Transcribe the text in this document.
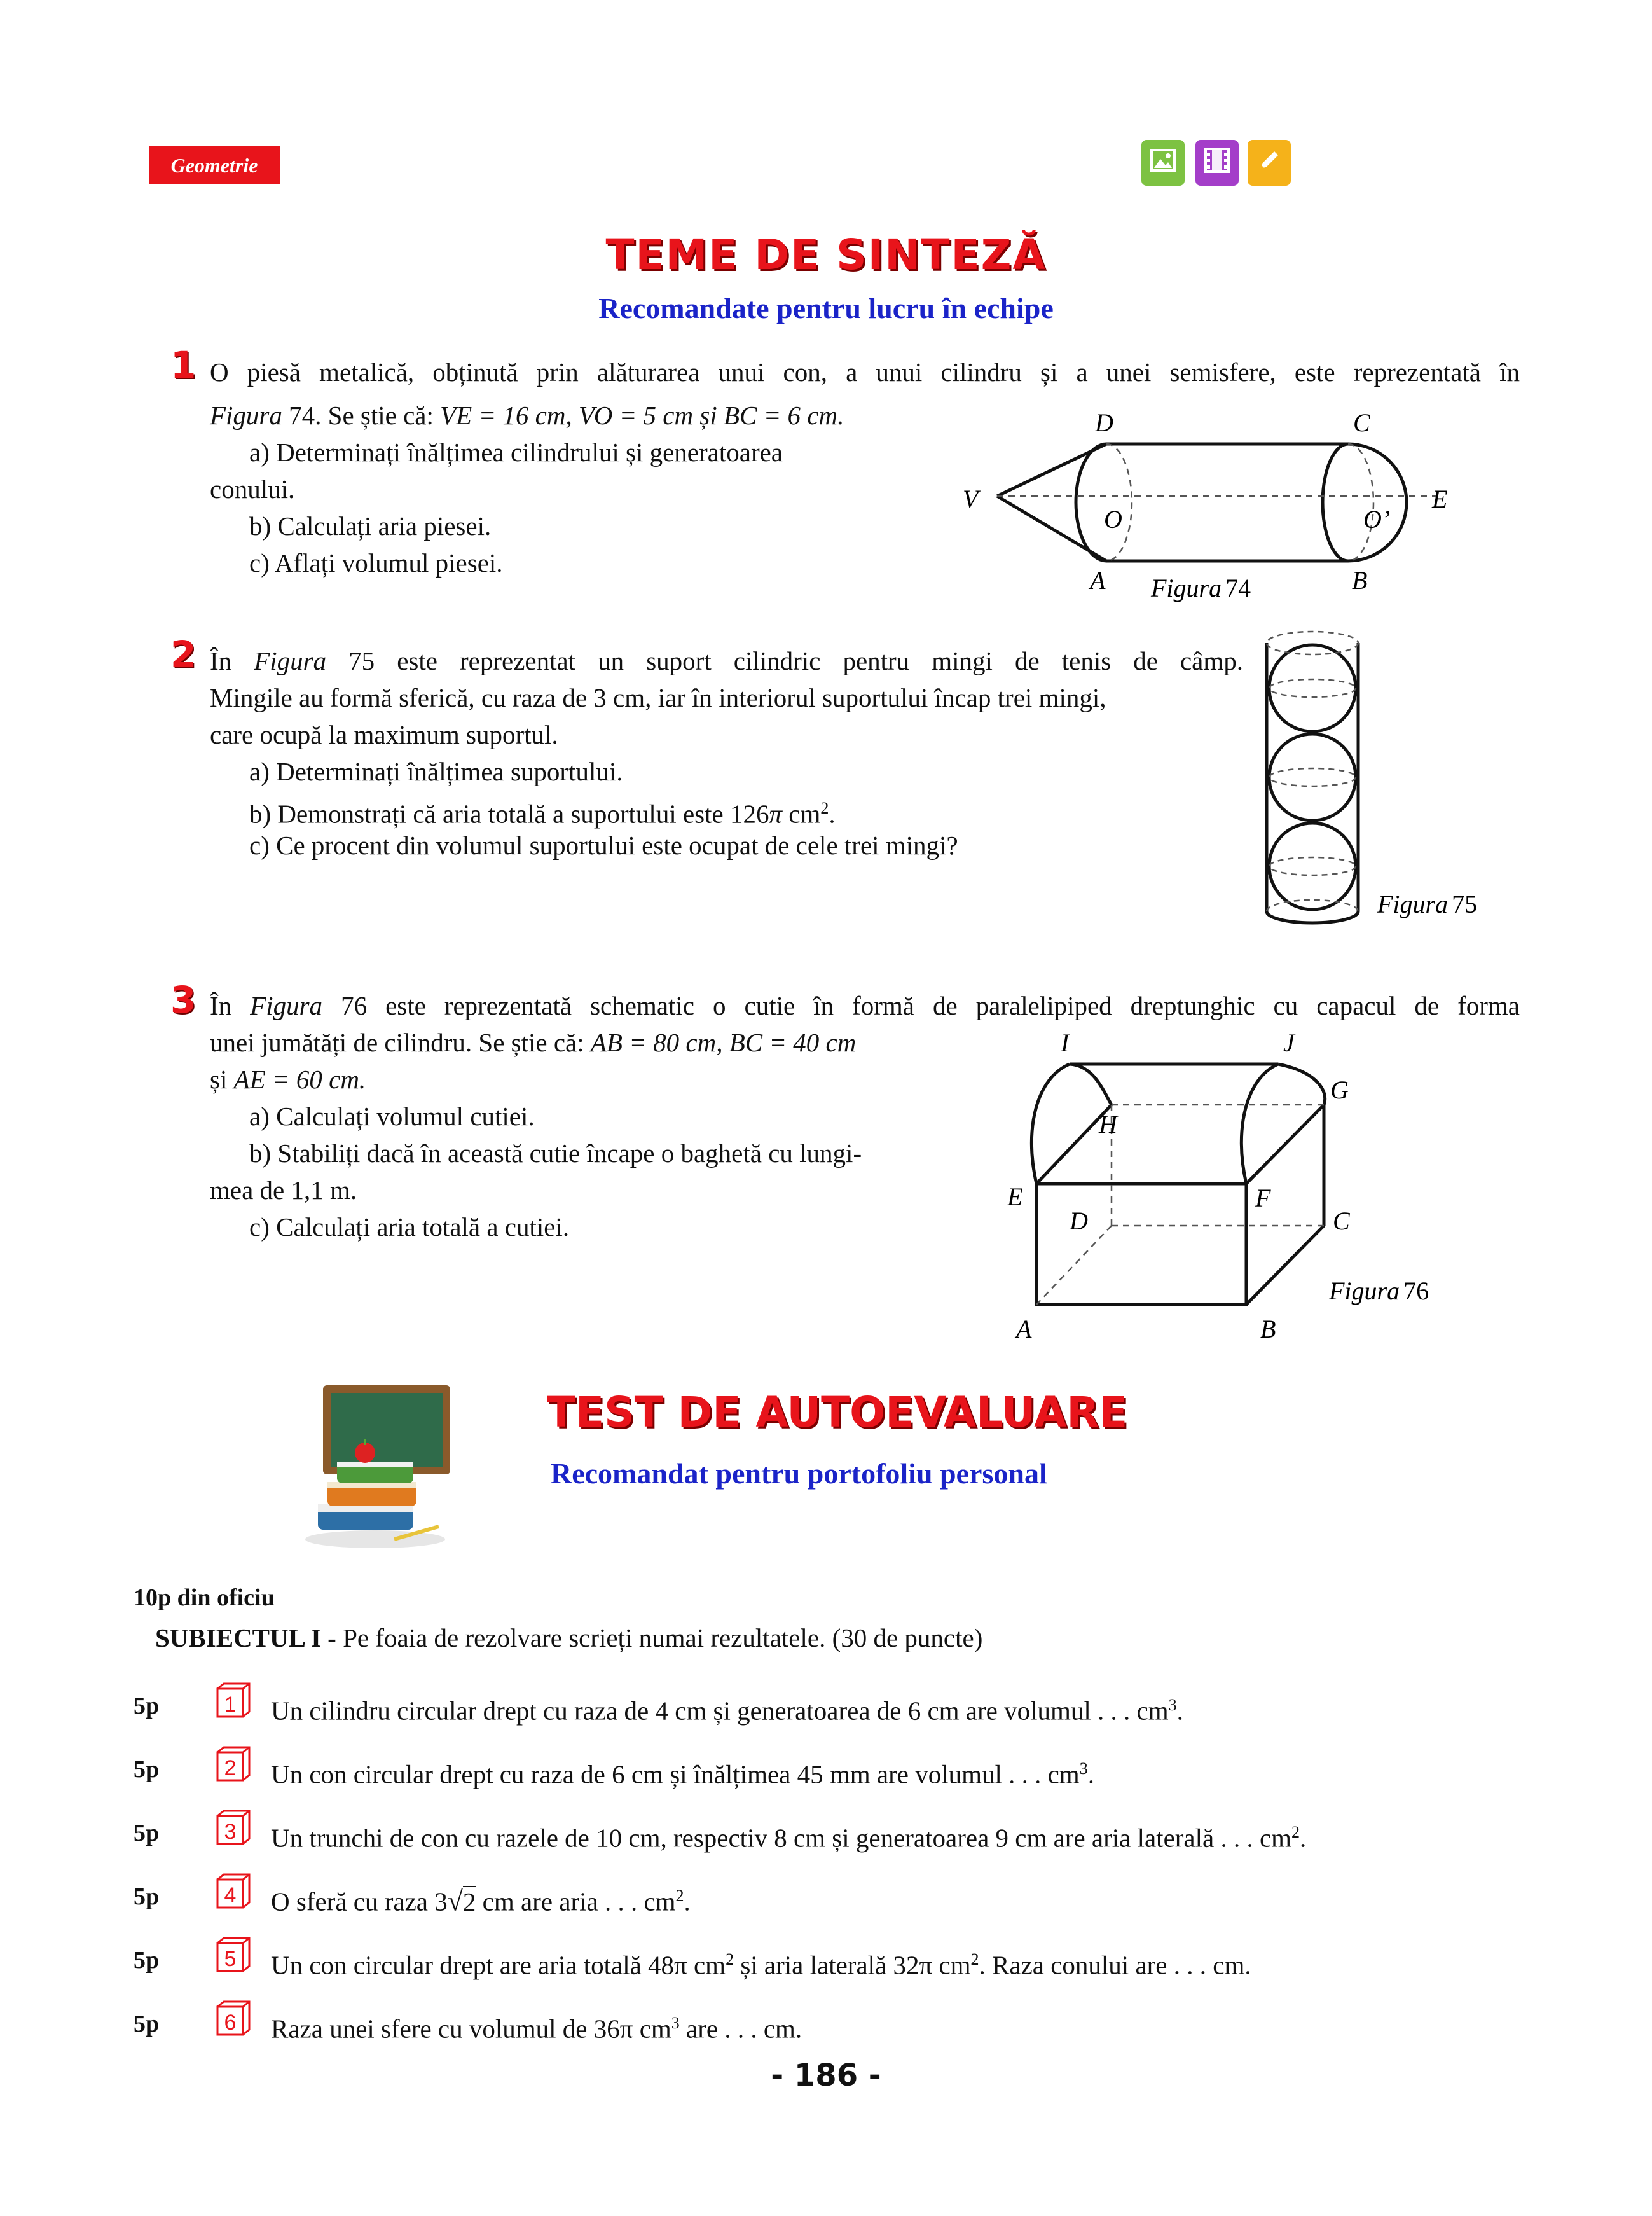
Geometrie
TEME DE SINTEZĂ
Recomandate pentru lucru în echipe
1 O piesă metalică, obținută prin alăturarea unui con, a unui cilindru și a unei semisfere, este reprezentată în
Figura 74. Se știe că: VE = 16 cm, VO = 5 cm și BC = 6 cm.
a) Determinați înălțimea cilindrului și generatoarea
conului.
b) Calculați aria piesei.
c) Aflați volumul piesei.
D	C
V	E
O	O’
A	B
Figura 74
2 În Figura 75 este reprezentat un suport cilindric pentru mingi de tenis de câmp.
Mingile au formă sferică, cu raza de 3 cm, iar în interiorul suportului încap trei mingi,
care ocupă la maximum suportul.
a) Determinați înălțimea suportului.
b) Demonstrați că aria totală a suportului este 126π $cm^2$.
c) Ce procent din volumul suportului este ocupat de cele trei mingi?
Figura 75
3 În Figura 76 este reprezentată schematic o cutie în formă de paralelipiped dreptunghic cu capacul de forma
unei jumătăți de cilindru. Se știe că: AB = 80 cm, BC = 40 cm
și AE = 60 cm.
a) Calculați volumul cutiei.
b) Stabiliți dacă în această cutie încape o baghetă cu lungi-
mea de 1,1 m.
c) Calculați aria totală a cutiei.
I	J
G
H
E	F
D	C
A	B
Figura 76
TEST DE AUTOEVALUARE
Recomandat pentru portofoliu personal
10p din oficiu
SUBIECTUL I - Pe foaia de rezolvare scrieți numai rezultatele. (30 de puncte)
5p	1 Un cilindru circular drept cu raza de 4 cm și generatoarea de 6 cm are volumul . . . $cm^3$.
5p	2 Un con circular drept cu raza de 6 cm și înălțimea 45 mm are volumul . . . $cm^3$.
5p	3 Un trunchi de con cu razele de 10 cm, respectiv 8 cm și generatoarea 9 cm are aria laterală . . . $cm^2$.
5p	4 O sferă cu raza 3√2 cm are aria . . . $cm^2$.
5p	5 Un con circular drept are aria totală 48π $cm^2$ și aria laterală 32π $cm^2$. Raza conului are . . . cm.
5p	6 Raza unei sfere cu volumul de 36π $cm^3$ are . . . cm.
- 186 -
